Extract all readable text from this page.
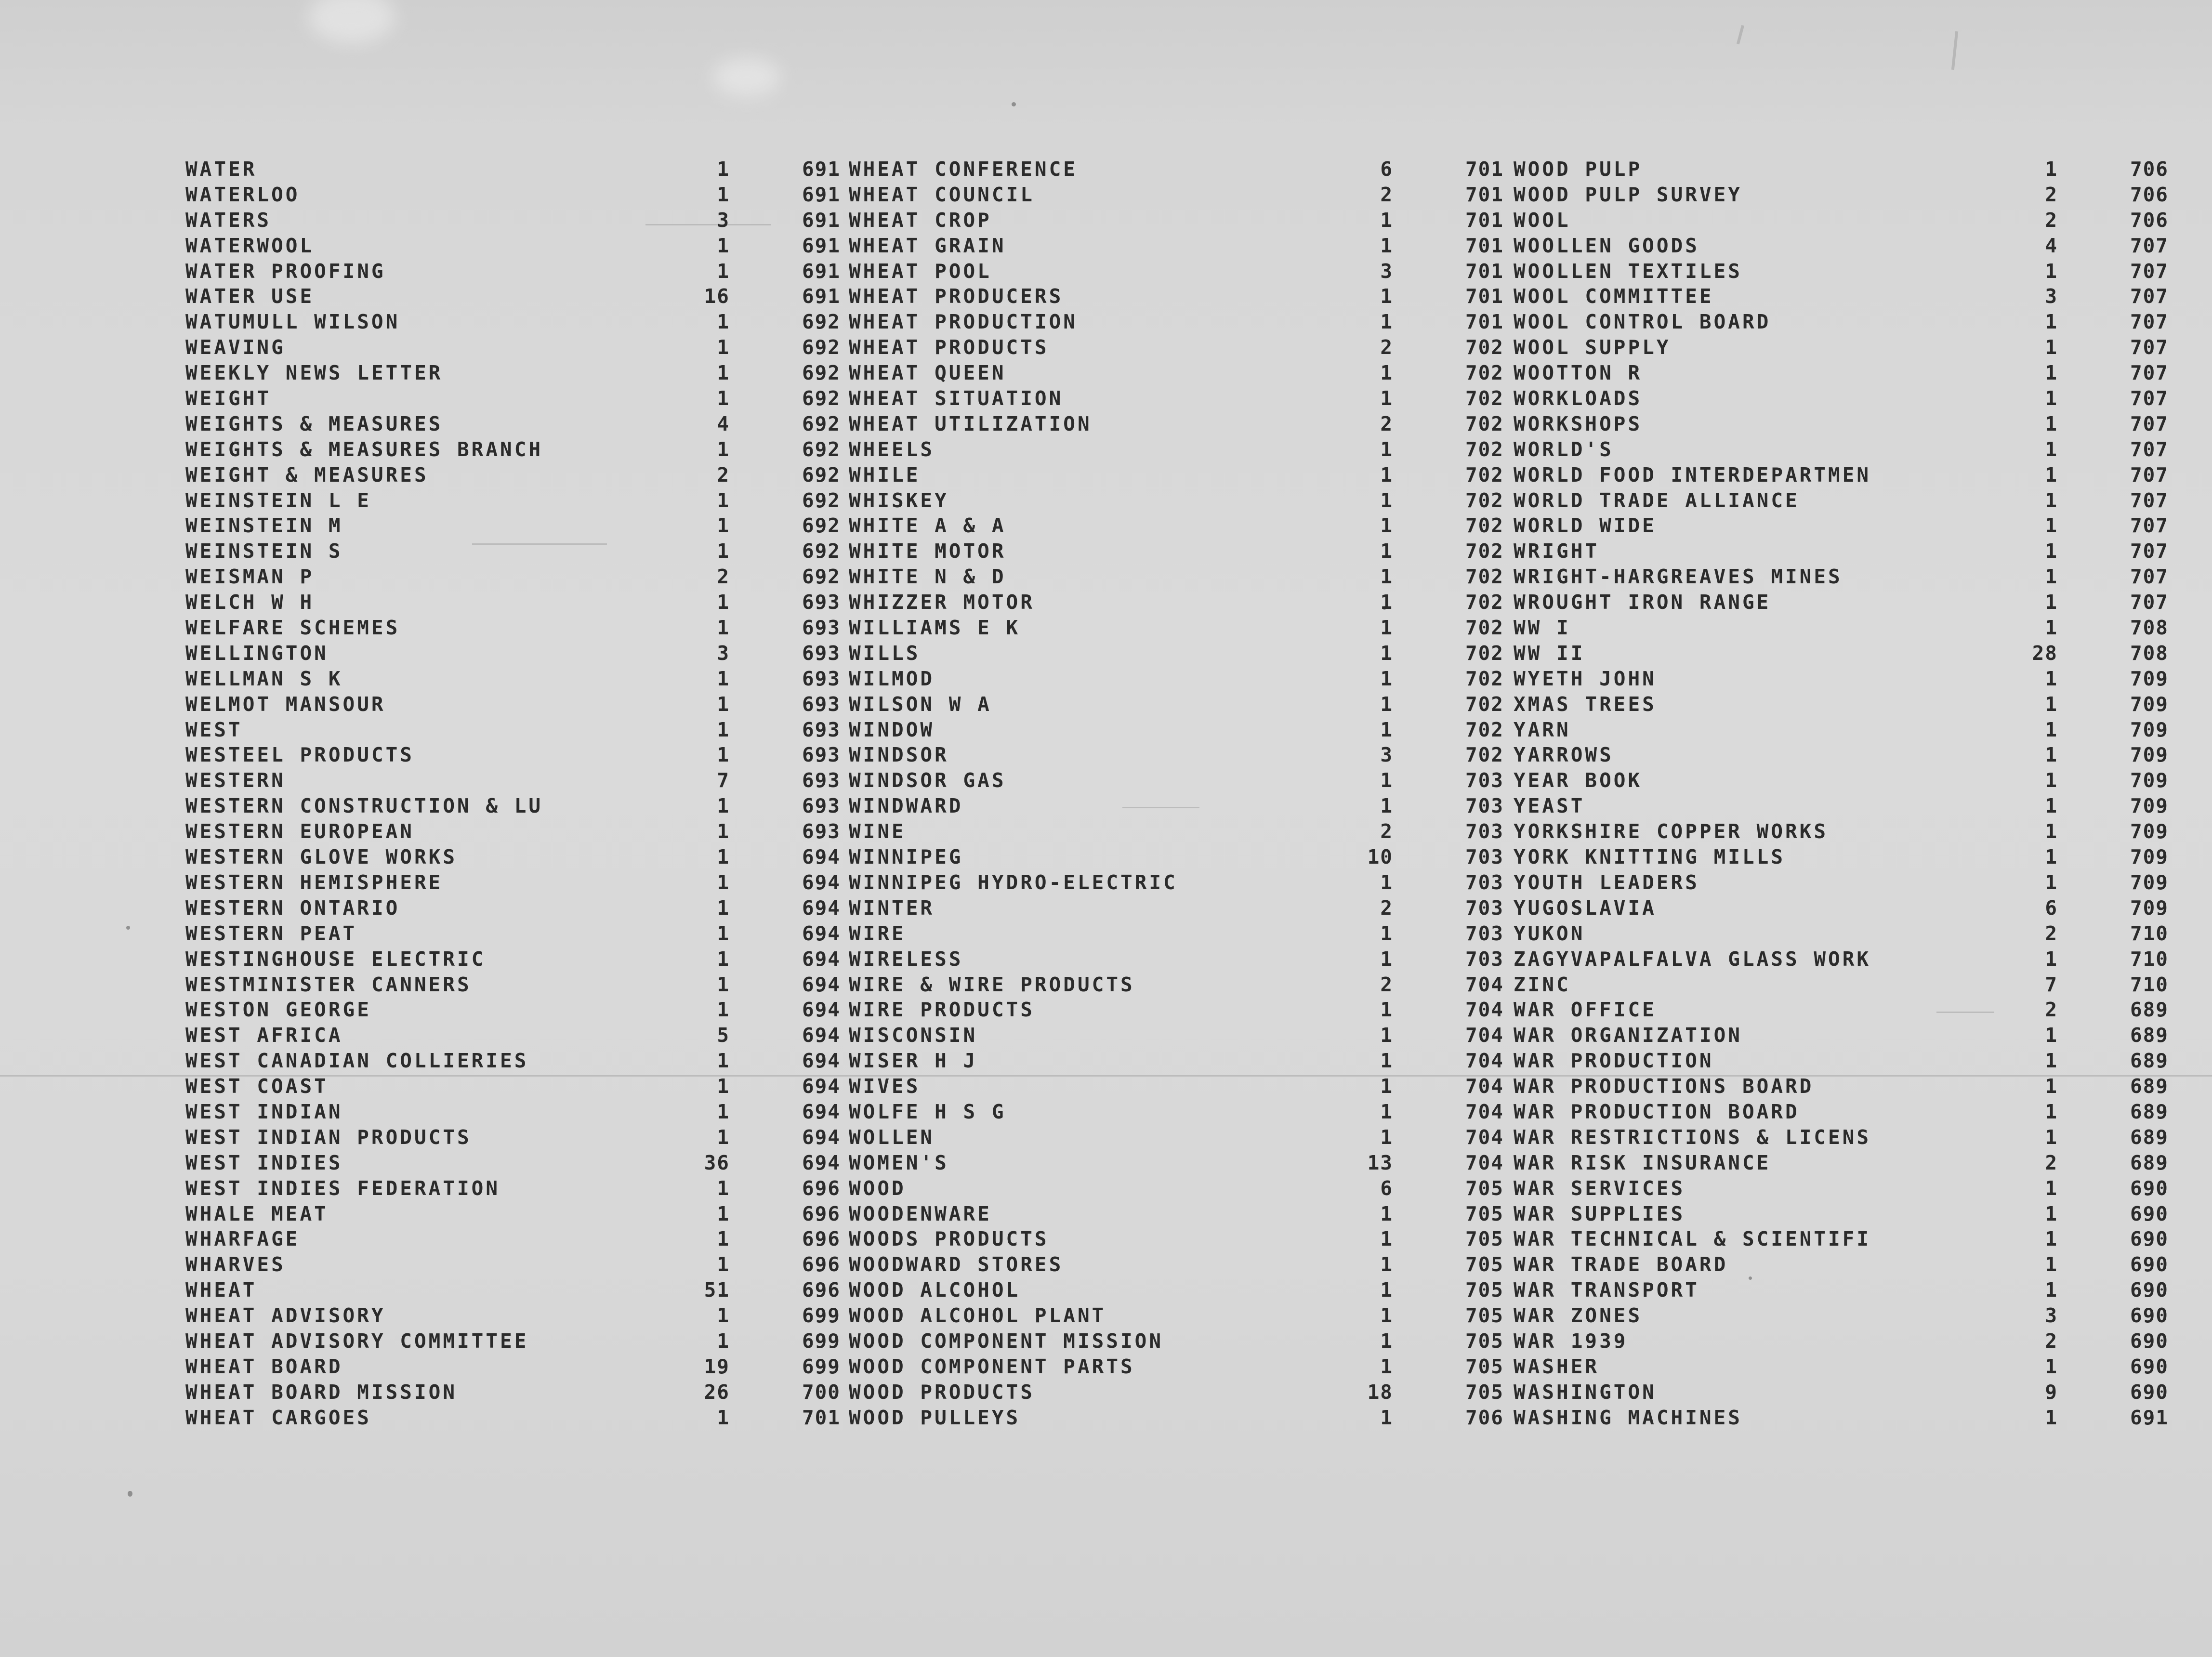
WATER	1	691
WATERLOO	1	691
WATERS	3	691
WATERWOOL	1	691
WATER PROOFING	1	691
WATER USE	16	691
WATUMULL WILSON	1	692
WEAVING	1	692
WEEKLY NEWS LETTER	1	692
WEIGHT	1	692
WEIGHTS & MEASURES	4	692
WEIGHTS & MEASURES BRANCH	1	692
WEIGHT & MEASURES	2	692
WEINSTEIN L E	1	692
WEINSTEIN M	1	692
WEINSTEIN S	1	692
WEISMAN P	2	692
WELCH W H	1	693
WELFARE SCHEMES	1	693
WELLINGTON	3	693
WELLMAN S K	1	693
WELMOT MANSOUR	1	693
WEST	1	693
WESTEEL PRODUCTS	1	693
WESTERN	7	693
WESTERN CONSTRUCTION & LU	1	693
WESTERN EUROPEAN	1	693
WESTERN GLOVE WORKS	1	694
WESTERN HEMISPHERE	1	694
WESTERN ONTARIO	1	694
WESTERN PEAT	1	694
WESTINGHOUSE ELECTRIC	1	694
WESTMINISTER CANNERS	1	694
WESTON GEORGE	1	694
WEST AFRICA	5	694
WEST CANADIAN COLLIERIES	1	694
WEST COAST	1	694
WEST INDIAN	1	694
WEST INDIAN PRODUCTS	1	694
WEST INDIES	36	694
WEST INDIES FEDERATION	1	696
WHALE MEAT	1	696
WHARFAGE	1	696
WHARVES	1	696
WHEAT	51	696
WHEAT ADVISORY	1	699
WHEAT ADVISORY COMMITTEE	1	699
WHEAT BOARD	19	699
WHEAT BOARD MISSION	26	700
WHEAT CARGOES	1	701
WHEAT CONFERENCE	6	701
WHEAT COUNCIL	2	701
WHEAT CROP	1	701
WHEAT GRAIN	1	701
WHEAT POOL	3	701
WHEAT PRODUCERS	1	701
WHEAT PRODUCTION	1	701
WHEAT PRODUCTS	2	702
WHEAT QUEEN	1	702
WHEAT SITUATION	1	702
WHEAT UTILIZATION	2	702
WHEELS	1	702
WHILE	1	702
WHISKEY	1	702
WHITE A & A	1	702
WHITE MOTOR	1	702
WHITE N & D	1	702
WHIZZER MOTOR	1	702
WILLIAMS E K	1	702
WILLS	1	702
WILMOD	1	702
WILSON W A	1	702
WINDOW	1	702
WINDSOR	3	702
WINDSOR GAS	1	703
WINDWARD	1	703
WINE	2	703
WINNIPEG	10	703
WINNIPEG HYDRO-ELECTRIC	1	703
WINTER	2	703
WIRE	1	703
WIRELESS	1	703
WIRE & WIRE PRODUCTS	2	704
WIRE PRODUCTS	1	704
WISCONSIN	1	704
WISER H J	1	704
WIVES	1	704
WOLFE H S G	1	704
WOLLEN	1	704
WOMEN'S	13	704
WOOD	6	705
WOODENWARE	1	705
WOODS PRODUCTS	1	705
WOODWARD STORES	1	705
WOOD ALCOHOL	1	705
WOOD ALCOHOL PLANT	1	705
WOOD COMPONENT MISSION	1	705
WOOD COMPONENT PARTS	1	705
WOOD PRODUCTS	18	705
WOOD PULLEYS	1	706
WOOD PULP	1	706
WOOD PULP SURVEY	2	706
WOOL	2	706
WOOLLEN GOODS	4	707
WOOLLEN TEXTILES	1	707
WOOL COMMITTEE	3	707
WOOL CONTROL BOARD	1	707
WOOL SUPPLY	1	707
WOOTTON R	1	707
WORKLOADS	1	707
WORKSHOPS	1	707
WORLD'S	1	707
WORLD FOOD INTERDEPARTMEN	1	707
WORLD TRADE ALLIANCE	1	707
WORLD WIDE	1	707
WRIGHT	1	707
WRIGHT-HARGREAVES MINES	1	707
WROUGHT IRON RANGE	1	707
WW I	1	708
WW II	28	708
WYETH JOHN	1	709
XMAS TREES	1	709
YARN	1	709
YARROWS	1	709
YEAR BOOK	1	709
YEAST	1	709
YORKSHIRE COPPER WORKS	1	709
YORK KNITTING MILLS	1	709
YOUTH LEADERS	1	709
YUGOSLAVIA	6	709
YUKON	2	710
ZAGYVAPALFALVA GLASS WORK	1	710
ZINC	7	710
WAR OFFICE	2	689
WAR ORGANIZATION	1	689
WAR PRODUCTION	1	689
WAR PRODUCTIONS BOARD	1	689
WAR PRODUCTION BOARD	1	689
WAR RESTRICTIONS & LICENS	1	689
WAR RISK INSURANCE	2	689
WAR SERVICES	1	690
WAR SUPPLIES	1	690
WAR TECHNICAL & SCIENTIFI	1	690
WAR TRADE BOARD	1	690
WAR TRANSPORT	1	690
WAR ZONES	3	690
WAR 1939	2	690
WASHER	1	690
WASHINGTON	9	690
WASHING MACHINES	1	691
